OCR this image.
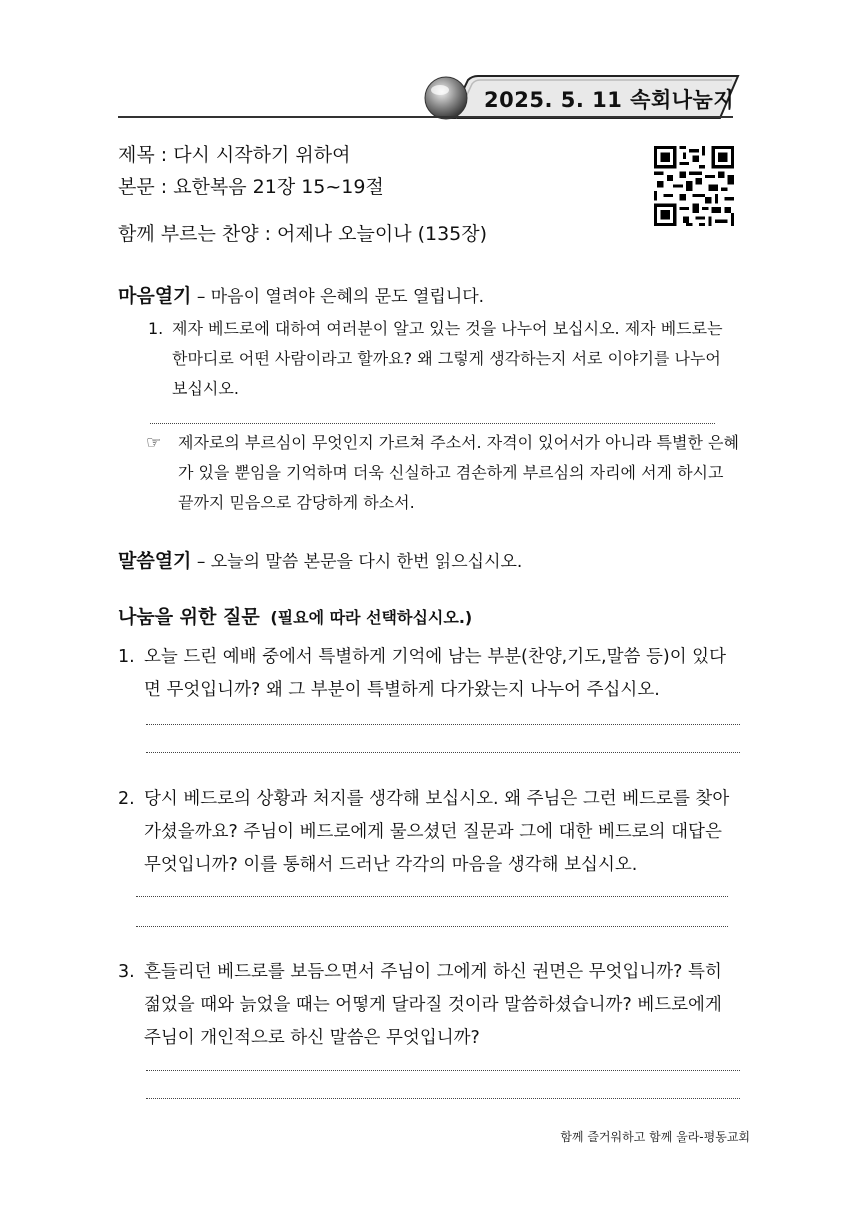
2025. 5. 11 속회나눔지
제목 : 다시 시작하기 위하여
본문 : 요한복음 21장 15~19절
함께 부르는 찬양 : 어제나 오늘이나 (135장)
마음열기 – 마음이 열려야 은혜의 문도 열립니다.
1. 제자 베드로에 대하여 여러분이 알고 있는 것을 나누어 보십시오. 제자 베드로는 한마디로 어떤 사람이라고 할까요? 왜 그렇게 생각하는지 서로 이야기를 나누어 보십시오.
☞ 제자로의 부르심이 무엇인지 가르쳐 주소서. 자격이 있어서가 아니라 특별한 은혜가 있을 뿐임을 기억하며 더욱 신실하고 겸손하게 부르심의 자리에 서게 하시고 끝까지 믿음으로 감당하게 하소서.
말씀열기 – 오늘의 말씀 본문을 다시 한번 읽으십시오.
나눔을 위한 질문 (필요에 따라 선택하십시오.)
1. 오늘 드린 예배 중에서 특별하게 기억에 남는 부분(찬양,기도,말씀 등)이 있다면 무엇입니까? 왜 그 부분이 특별하게 다가왔는지 나누어 주십시오.
2. 당시 베드로의 상황과 처지를 생각해 보십시오. 왜 주님은 그런 베드로를 찾아가셨을까요? 주님이 베드로에게 물으셨던 질문과 그에 대한 베드로의 대답은 무엇입니까? 이를 통해서 드러난 각각의 마음을 생각해 보십시오.
3. 흔들리던 베드로를 보듬으면서 주님이 그에게 하신 권면은 무엇입니까? 특히 젊었을 때와 늙었을 때는 어떻게 달라질 것이라 말씀하셨습니까? 베드로에게 주님이 개인적으로 하신 말씀은 무엇입니까?
함께 즐거워하고 함께 울라-평동교회
